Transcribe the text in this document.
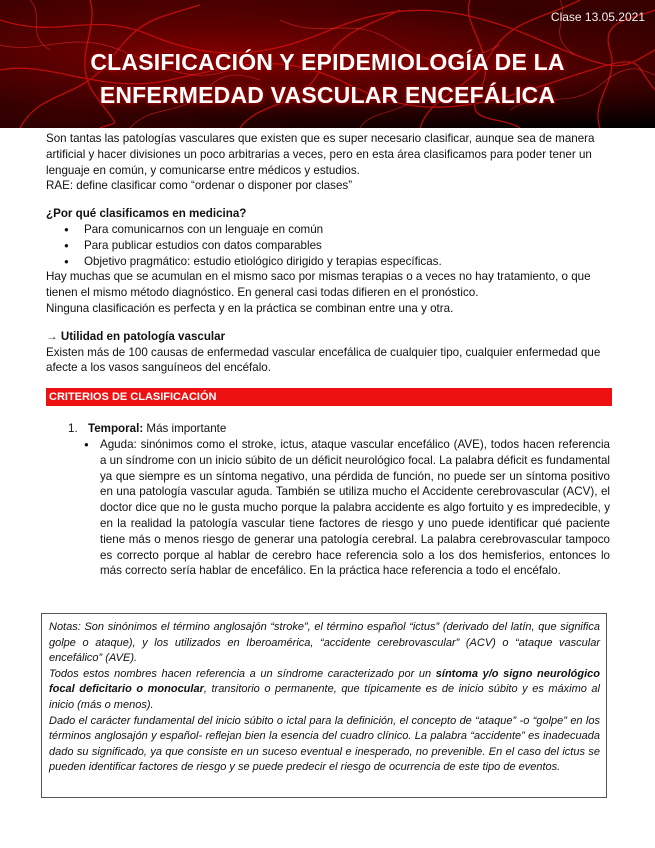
Clase 13.05.2021
CLASIFICACIÓN Y EPIDEMIOLOGÍA DE LA
ENFERMEDAD VASCULAR ENCEFÁLICA

Son tantas las patologías vasculares que existen que es super necesario clasificar, aunque sea de manera artificial y hacer divisiones un poco arbitrarias a veces, pero en esta área clasificamos para poder tener un lenguaje en común, y comunicarse entre médicos y estudios.

RAE: define clasificar como “ordenar o disponer por clases”

¿Por qué clasificamos en medicina?

● Para comunicarnos con un lenguaje en común
● Para publicar estudios con datos comparables
● Objetivo pragmático: estudio etiológico dirigido y terapias específicas.

Hay muchas que se acumulan en el mismo saco por mismas terapias o a veces no hay tratamiento, o que tienen el mismo método diagnóstico. En general casi todas difieren en el pronóstico.

Ninguna clasificación es perfecta y en la práctica se combinan entre una y otra.

→ Utilidad en patología vascular

Existen más de 100 causas de enfermedad vascular encefálica de cualquier tipo, cualquier enfermedad que afecte a los vasos sanguíneos del encéfalo.

CRITERIOS DE CLASIFICACIÓN
1. Temporal: Más importante
● Aguda: sinónimos como el stroke, ictus, ataque vascular encefálico (AVE), todos hacen referencia a un síndrome con un inicio súbito de un déficit neurológico focal. La palabra déficit es fundamental ya que siempre es un síntoma negativo, una pérdida de función, no puede ser un síntoma positivo en una patología vascular aguda. También se utiliza mucho el Accidente cerebrovascular (ACV), el doctor dice que no le gusta mucho porque la palabra accidente es algo fortuito y es impredecible, y en la realidad la patología vascular tiene factores de riesgo y uno puede identificar qué paciente tiene más o menos riesgo de generar una patología cerebral. La palabra cerebrovascular tampoco es correcto porque al hablar de cerebro hace referencia solo a los dos hemisferios, entonces lo más correcto sería hablar de encefálico. En la práctica hace referencia a todo el encéfalo.

Notas: Son sinónimos el término anglosajón “stroke”, el término español “ictus” (derivado del latín, que significa golpe o ataque), y los utilizados en Iberoamérica, “accidente cerebrovascular” (ACV) o “ataque vascular encefálico” (AVE).

Todos estos nombres hacen referencia a un síndrome caracterizado por un síntoma y/o signo neurológico focal deficitario o monocular, transitorio o permanente, que típicamente es de inicio súbito y es máximo al inicio (más o menos).

Dado el carácter fundamental del inicio súbito o ictal para la definición, el concepto de “ataque” -o “golpe” en los términos anglosajón y español- reflejan bien la esencia del cuadro clínico. La palabra “accidente” es inadecuada dado su significado, ya que consiste en un suceso eventual e inesperado, no prevenible. En el caso del ictus se pueden identificar factores de riesgo y se puede predecir el riesgo de ocurrencia de este tipo de eventos.
